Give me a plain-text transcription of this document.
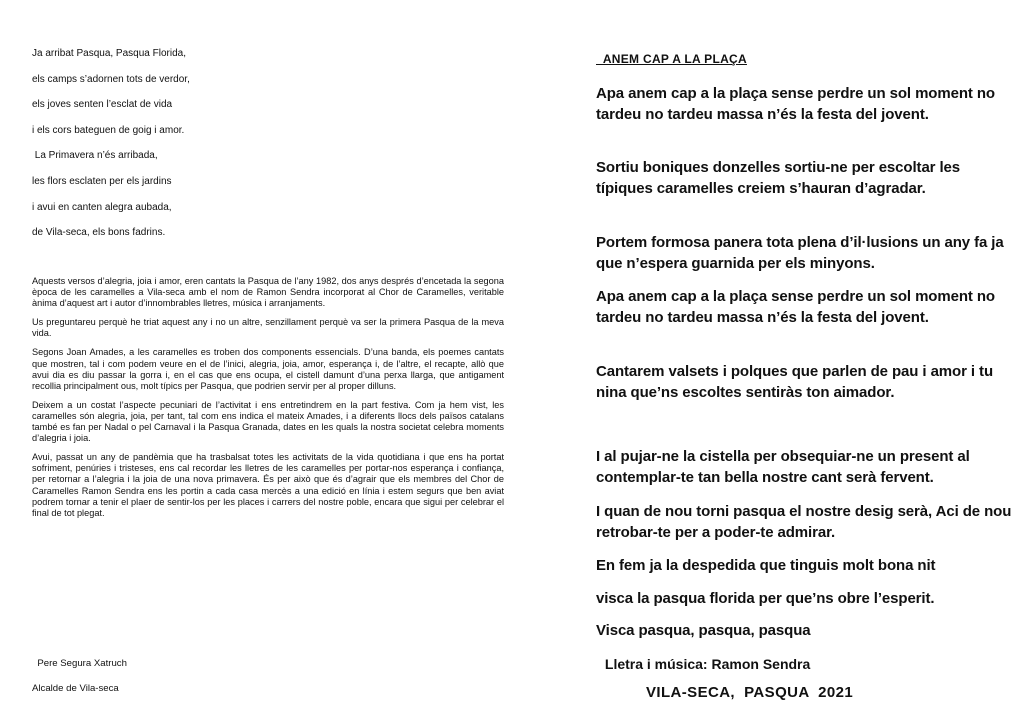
Ja arribat Pasqua, Pasqua Florida,

els camps s’adornen tots de verdor,

els joves senten l’esclat de vida

i els cors bateguen de goig i amor.

La Primavera n’és arribada,

les flors esclaten per els jardins

i avui en canten alegra aubada,

de Vila-seca, els bons fadrins.

Aquests versos d’alegria, joia i amor, eren cantats la Pasqua de l’any 1982, dos anys després d’encetada la segona època de les caramelles a Vila-seca amb el nom de Ramon Sendra incorporat al Chor de Caramelles, veritable ànima d’aquest art i autor d’innombrables lletres, música i arranjaments.

Us preguntareu perquè he triat aquest any i no un altre, senzillament perquè va ser la primera Pasqua de la meva vida.

Segons Joan Amades, a les caramelles es troben dos components essencials. D’una banda, els poemes cantats que mostren, tal i com podem veure en el de l’inici, alegria, joia, amor, esperança i, de l’altre, el recapte, allò que avui dia es diu passar la gorra i, en el cas que ens ocupa, el cistell damunt d’una perxa llarga, que antigament recollia principalment ous, molt típics per Pasqua, que podrien servir per al proper dilluns.

Deixem a un costat l’aspecte pecuniari de l’activitat i ens entretindrem en la part festiva. Com ja hem vist, les caramelles són alegria, joia, per tant, tal com ens indica el mateix Amades, i a diferents llocs dels països catalans també es fan per Nadal o pel Carnaval i la Pasqua Granada, dates en les quals la nostra societat celebra moments d’alegria i joia.

Avui, passat un any de pandèmia que ha trasbalsat totes les activitats de la vida quotidiana i que ens ha portat sofriment, penúries i tristeses, ens cal recordar les lletres de les caramelles per portar-nos esperança i confiança, per retornar a l’alegria i la joia de una nova primavera. És per això que és d’agrair que els membres del Chor de Caramelles Ramon Sendra ens les portin a cada casa mercès a una edició en línia i estem segurs que ben aviat podrem tornar a tenir el plaer de sentir-los per les places i carrers del nostre poble, encara que sigui per celebrar el final de tot plegat.

Pere Segura Xatruch

Alcalde de Vila-seca

ANEM CAP A LA PLAÇA

Apa anem cap a la plaça sense perdre un sol moment no tardeu no tardeu massa n’és la festa del jovent.

Sortiu boniques donzelles sortiu-ne per escoltar les típiques caramelles creiem s’hauran d’agradar.

Portem formosa panera tota plena d’il·lusions un any fa ja que n’espera guarnida per els minyons.

Apa anem cap a la plaça sense perdre un sol moment no tardeu no tardeu massa n’és la festa del jovent.

Cantarem valsets i polques que parlen de pau i amor i tu nina que’ns escoltes sentiràs ton aimador.

I al pujar-ne la cistella per obsequiar-ne un present al contemplar-te tan bella nostre cant serà fervent.

I quan de nou torni pasqua el nostre desig serà, Aci de nou retrobar-te per a poder-te admirar.

En fem ja la despedida que tinguis molt bona nit

visca la pasqua florida per que’ns obre l’esperit.

Visca pasqua, pasqua, pasqua

Lletra i música: Ramon Sendra

VILA-SECA,  PASQUA  2021
